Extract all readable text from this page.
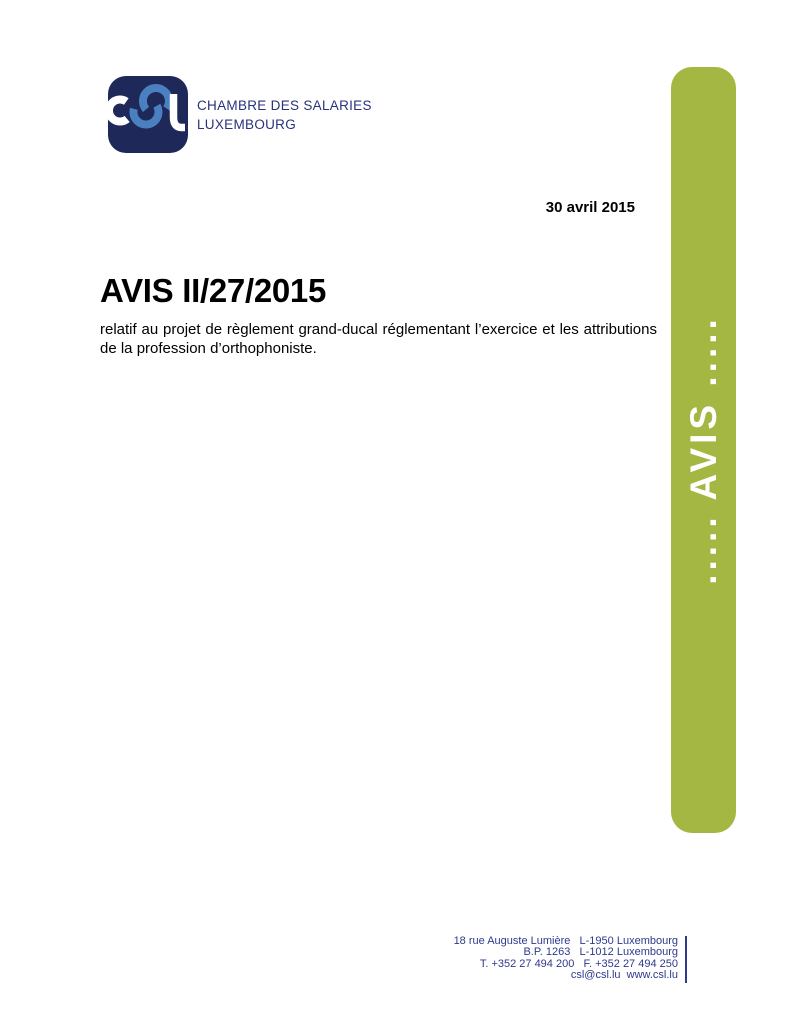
CHAMBRE DES SALARIES
LUXEMBOURG
30 avril 2015
AVIS II/27/2015

relatif au projet de règlement grand-ducal réglementant l’exercice et les attributions de la profession d’orthophoniste.	..... AVIS .....
18 rue Auguste Lumière   L-1950 Luxembourg
B.P. 1263   L-1012 Luxembourg
T. +352 27 494 200   F. +352 27 494 250
csl@csl.lu  www.csl.lu
